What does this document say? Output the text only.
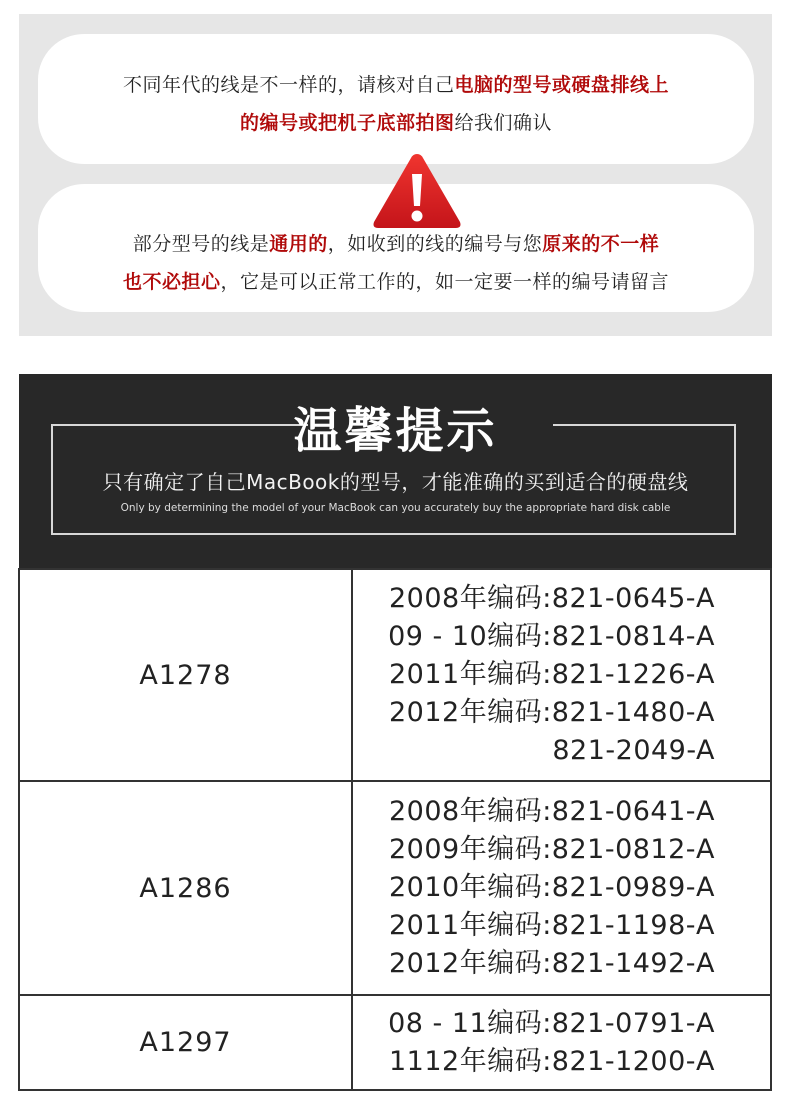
不同年代的线是不一样的，请核对自己电脑的型号或硬盘排线上
的编号或把机子底部拍图给我们确认
部分型号的线是通用的，如收到的线的编号与您原来的不一样
也不必担心，它是可以正常工作的，如一定要一样的编号请留言
温馨提示
只有确定了自己MacBook的型号，才能准确的买到适合的硬盘线
Only by determining the model of your MacBook can you accurately buy the appropriate hard disk cable
A1278	2008年编码:821-0645-A
09 - 10编码:821-0814-A
2011年编码:821-1226-A
2012年编码:821-1480-A
821-2049-A

A1286	2008年编码:821-0641-A
2009年编码:821-0812-A
2010年编码:821-0989-A
2011年编码:821-1198-A
2012年编码:821-1492-A

A1297	08 - 11编码:821-0791-A
1112年编码:821-1200-A
